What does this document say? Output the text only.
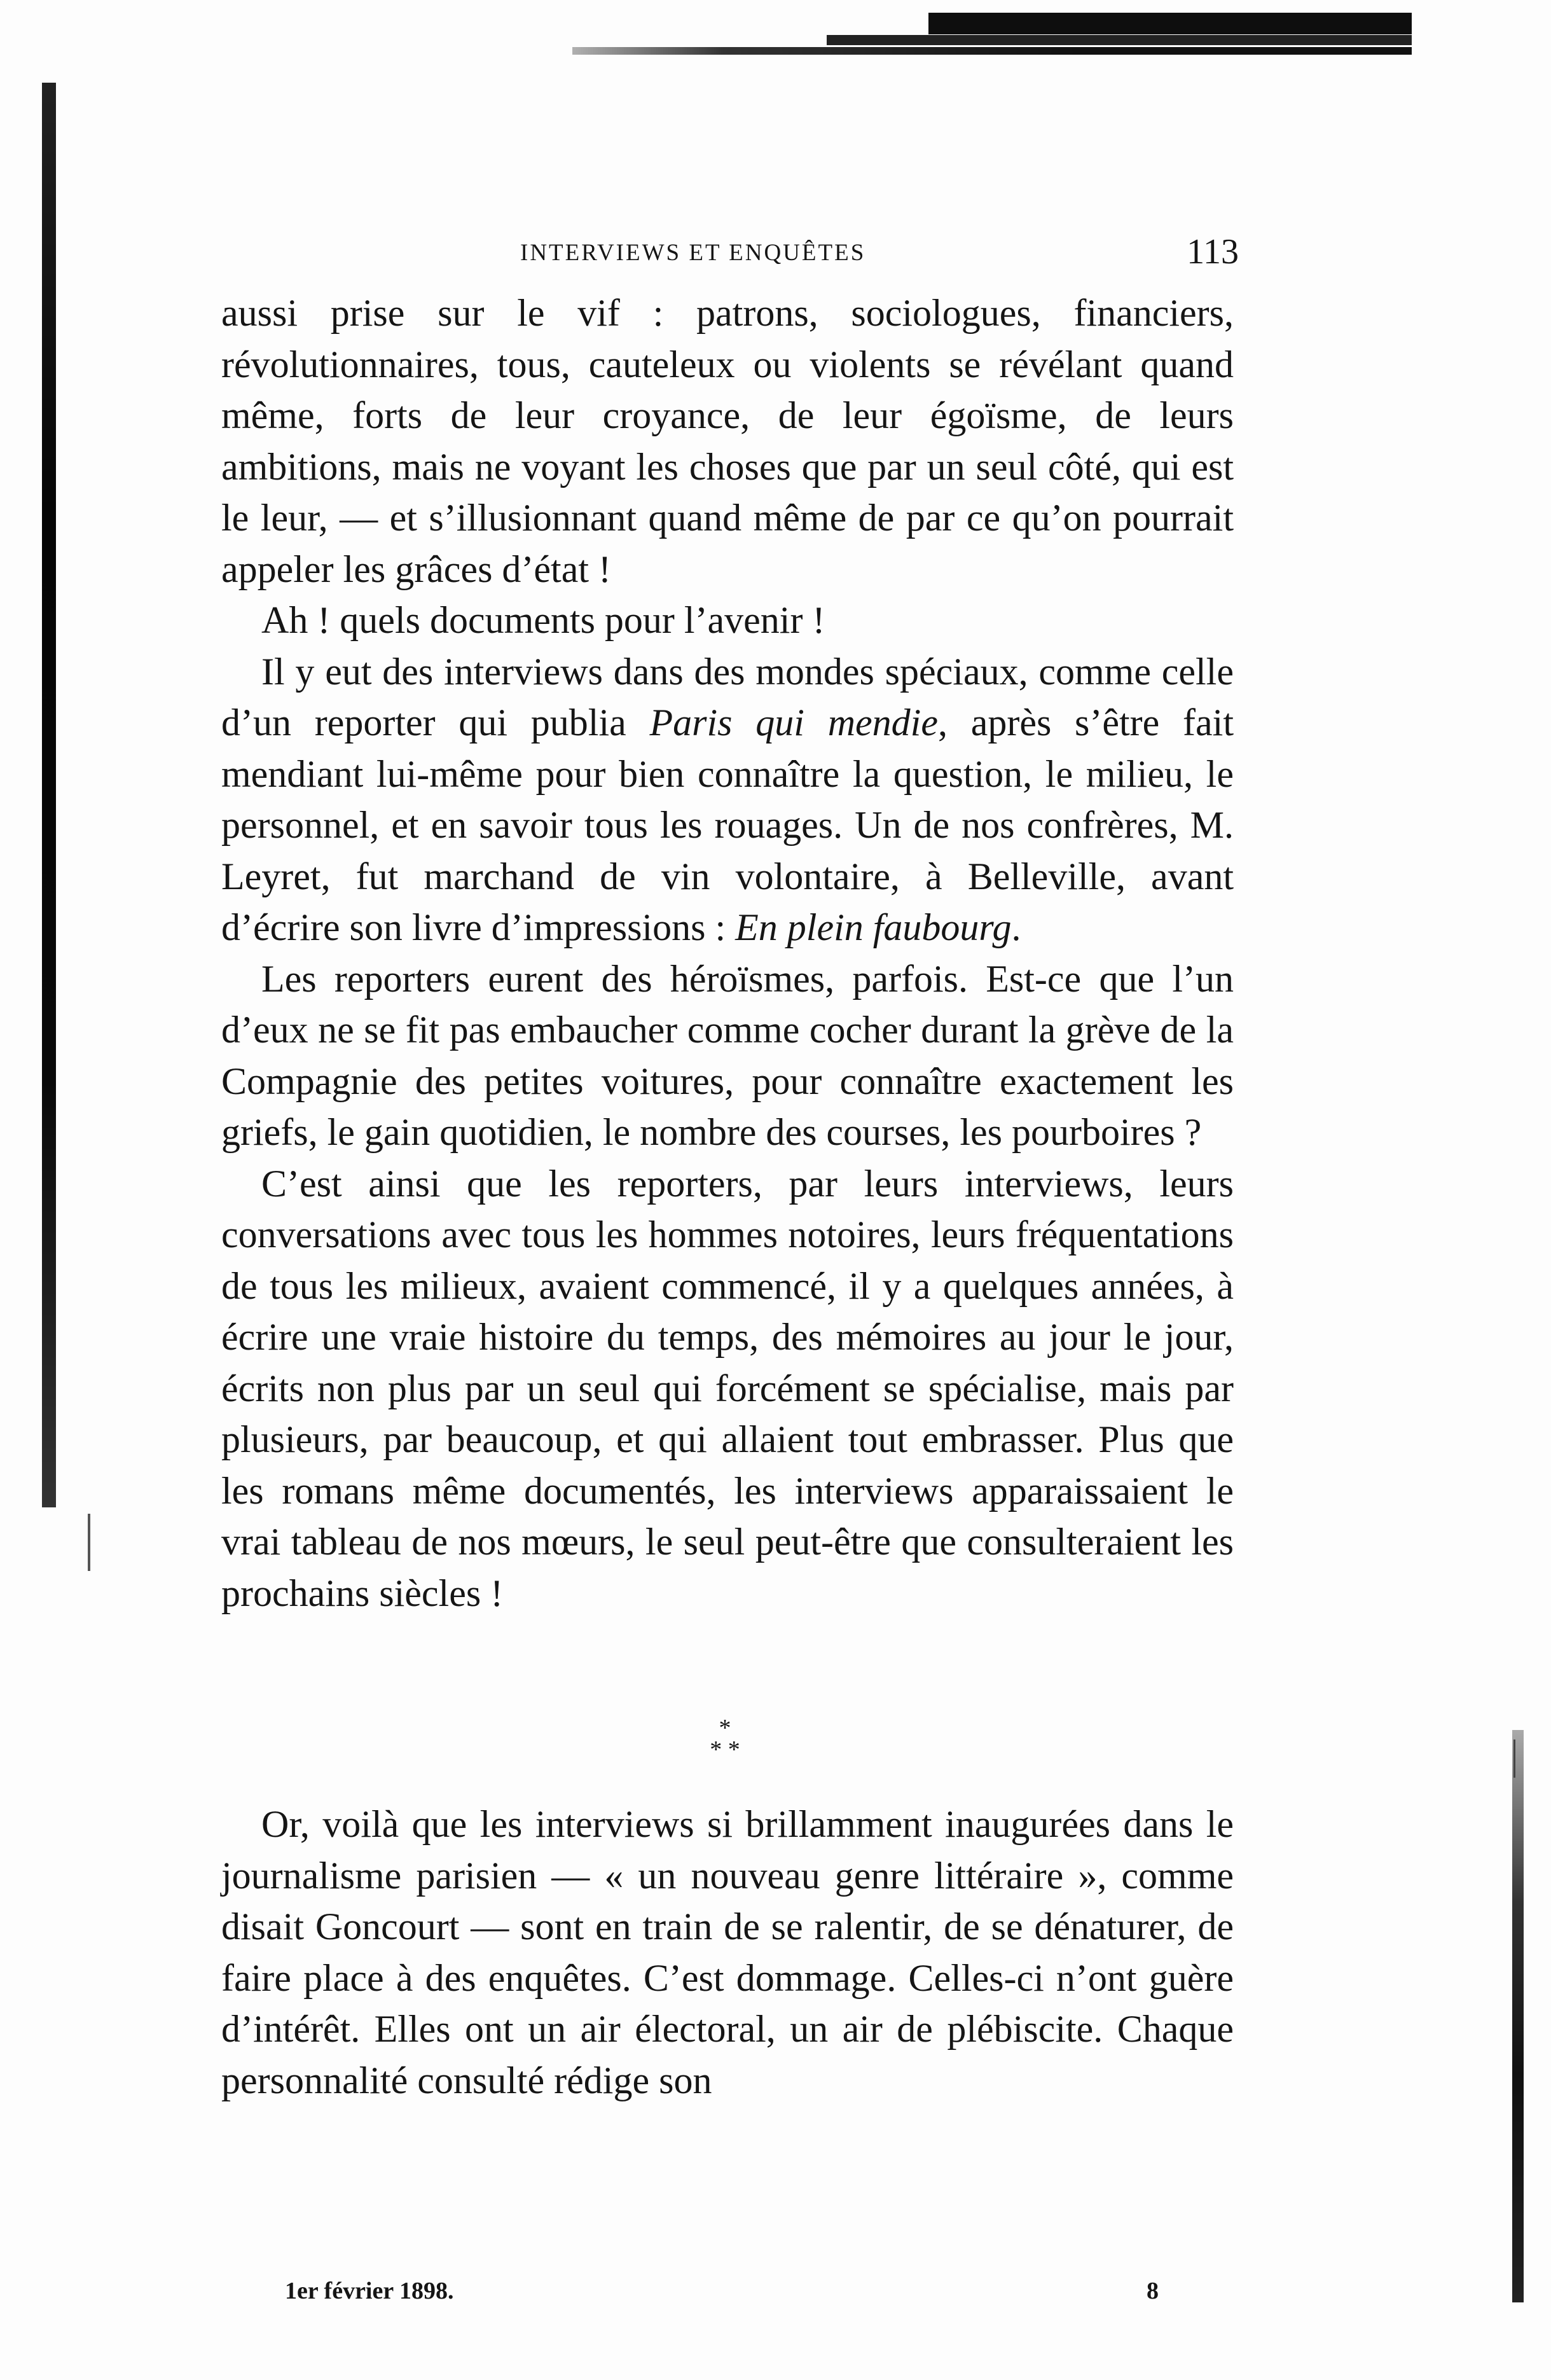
INTERVIEWS ET ENQUÊTES	113

aussi prise sur le vif : patrons, sociologues, financiers, révolutionnaires, tous, cauteleux ou violents se révélant quand même, forts de leur croyance, de leur égoïsme, de leurs ambitions, mais ne voyant les choses que par un seul côté, qui est le leur, — et s’illusionnant quand même de par ce qu’on pourrait appeler les grâces d’état !

Ah ! quels documents pour l’avenir !

Il y eut des interviews dans des mondes spéciaux, comme celle d’un reporter qui publia Paris qui mendie, après s’être fait mendiant lui-même pour bien connaître la question, le milieu, le personnel, et en savoir tous les rouages. Un de nos confrères, M. Leyret, fut marchand de vin volontaire, à Belleville, avant d’écrire son livre d’impressions : En plein faubourg.

Les reporters eurent des héroïsmes, parfois. Est-ce que l’un d’eux ne se fit pas embaucher comme cocher durant la grève de la Compagnie des petites voitures, pour connaître exactement les griefs, le gain quotidien, le nombre des courses, les pourboires ?

C’est ainsi que les reporters, par leurs interviews, leurs conversations avec tous les hommes notoires, leurs fréquentations de tous les milieux, avaient commencé, il y a quelques années, à écrire une vraie histoire du temps, des mémoires au jour le jour, écrits non plus par un seul qui forcément se spécialise, mais par plusieurs, par beaucoup, et qui allaient tout embrasser. Plus que les romans même documentés, les interviews apparaissaient le vrai tableau de nos mœurs, le seul peut-être que consulteraient les prochains siècles !

*
* *

Or, voilà que les interviews si brillamment inaugurées dans le journalisme parisien — « un nouveau genre littéraire », comme disait Goncourt — sont en train de se ralentir, de se dénaturer, de faire place à des enquêtes. C’est dommage. Celles-ci n’ont guère d’intérêt. Elles ont un air électoral, un air de plébiscite. Chaque personnalité consulté rédige son

1er février 1898.	8
